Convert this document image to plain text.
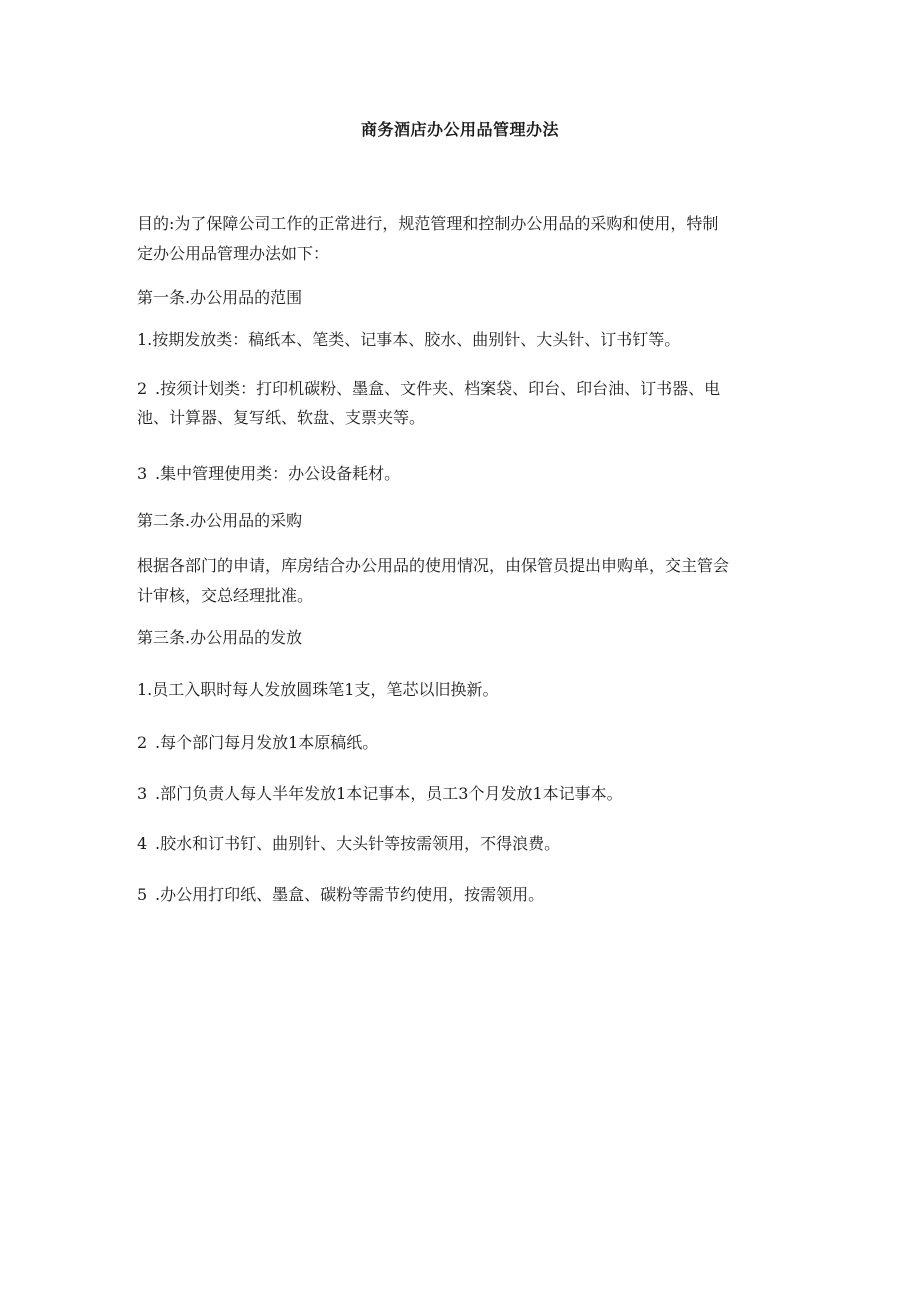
商务酒店办公用品管理办法
目的:为了保障公司工作的正常进行，规范管理和控制办公用品的采购和使用，特制
定办公用品管理办法如下：
第一条.办公用品的范围
1.按期发放类：稿纸本、笔类、记事本、胶水、曲别针、大头针、订书钉等。
2 .按须计划类：打印机碳粉、墨盒、文件夹、档案袋、印台、印台油、订书器、电
池、计算器、复写纸、软盘、支票夹等。
3 .集中管理使用类：办公设备耗材。
第二条.办公用品的采购
根据各部门的申请，库房结合办公用品的使用情况，由保管员提出申购单，交主管会
计审核，交总经理批准。
第三条.办公用品的发放
1.员工入职时每人发放圆珠笔1支，笔芯以旧换新。
2 .每个部门每月发放1本原稿纸。
3 .部门负责人每人半年发放1本记事本，员工3个月发放1本记事本。
4 .胶水和订书钉、曲别针、大头针等按需领用，不得浪费。
5 .办公用打印纸、墨盒、碳粉等需节约使用，按需领用。
